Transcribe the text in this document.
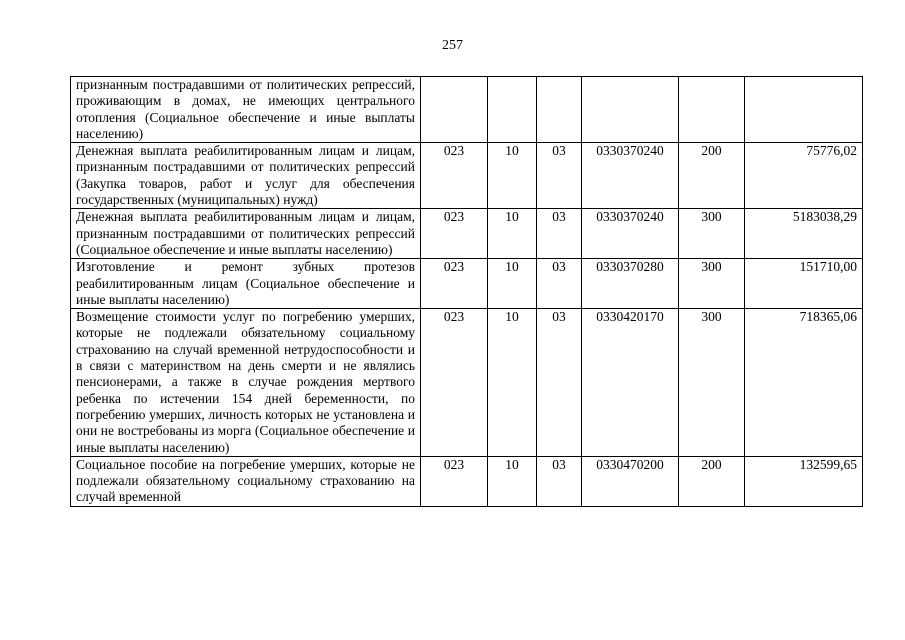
257
признанным пострадавшими от политических репрессий, проживающим в домах, не имеющих центрального отопления (Социальное обеспечение и иные выплаты населению)						
Денежная выплата реабилитированным лицам и лицам, признанным пострадавшими от политических репрессий (Закупка товаров, работ и услуг для обеспечения государственных (муниципальных) нужд)	023	10	03	0330370240	200	75776,02
Денежная выплата реабилитированным лицам и лицам, признанным пострадавшими от политических репрессий (Социальное обеспечение и иные выплаты населению)	023	10	03	0330370240	300	5183038,29
Изготовление и ремонт зубных протезов реабилитированным лицам (Социальное обеспечение и иные выплаты населению)	023	10	03	0330370280	300	151710,00
Возмещение стоимости услуг по погребению умерших, которые не подлежали обязательному социальному страхованию на случай временной нетрудоспособности и в связи с материнством на день смерти и не являлись пенсионерами, а также в случае рождения мертвого ребенка по истечении 154 дней беременности, по погребению умерших, личность которых не установлена и они не востребованы из морга (Социальное обеспечение и иные выплаты населению)	023	10	03	0330420170	300	718365,06
Социальное пособие на погребение умерших, которые не подлежали обязательному социальному страхованию на случай временной	023	10	03	0330470200	200	132599,65
